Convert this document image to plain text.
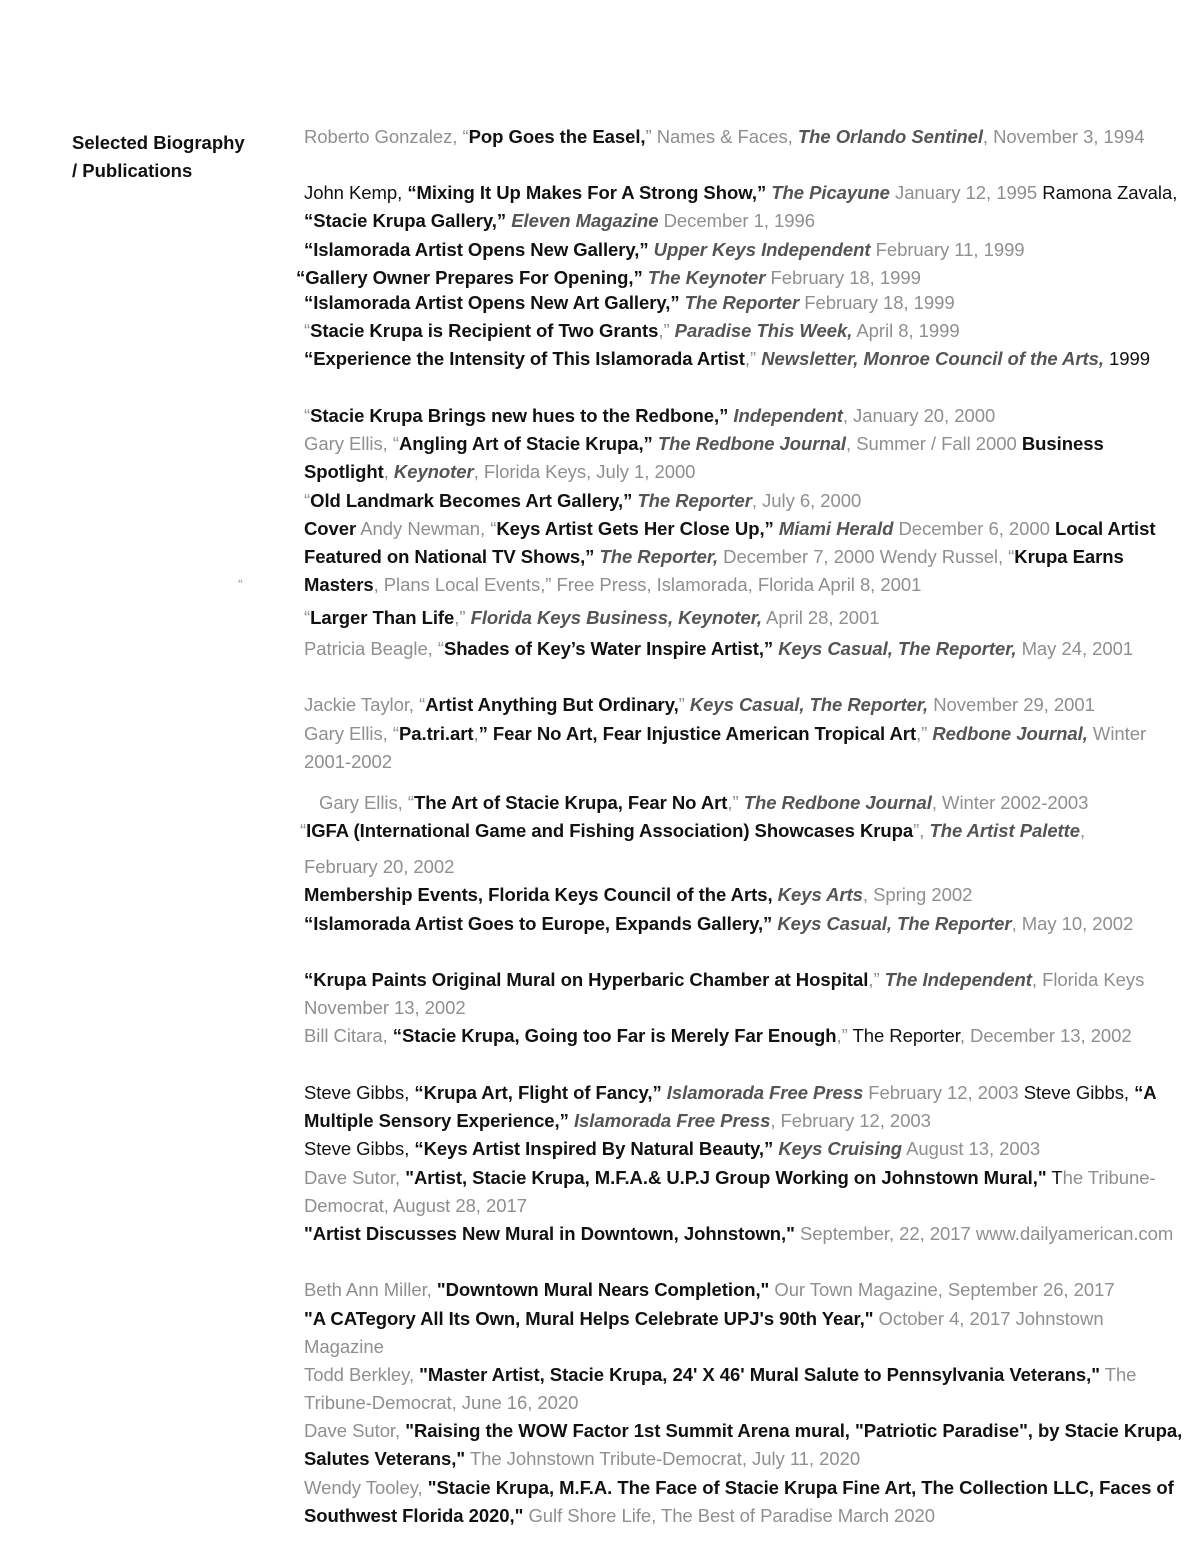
Selected Biography
/ Publications
“
Roberto Gonzalez, “Pop Goes the Easel,” Names & Faces, The Orlando Sentinel, November 3, 1994
John Kemp, “Mixing It Up Makes For A Strong Show,” The Picayune January 12, 1995 Ramona Zavala, “Stacie Krupa Gallery,” Eleven Magazine December 1, 1996
“Islamorada Artist Opens New Gallery,” Upper Keys Independent February 11, 1999
“Gallery Owner Prepares For Opening,” The Keynoter February 18, 1999
“Islamorada Artist Opens New Art Gallery,” The Reporter February 18, 1999
“Stacie Krupa is Recipient of Two Grants,” Paradise This Week, April 8, 1999
“Experience the Intensity of This Islamorada Artist,” Newsletter, Monroe Council of the Arts, 1999
“Stacie Krupa Brings new hues to the Redbone,” Independent, January 20, 2000
Gary Ellis, “Angling Art of Stacie Krupa,” The Redbone Journal, Summer / Fall 2000 Business Spotlight, Keynoter, Florida Keys, July 1, 2000
“Old Landmark Becomes Art Gallery,” The Reporter, July 6, 2000
Cover Andy Newman, “Keys Artist Gets Her Close Up,” Miami Herald December 6, 2000 Local Artist Featured on National TV Shows,” The Reporter, December 7, 2000 Wendy Russel, “Krupa Earns Masters, Plans Local Events,” Free Press, Islamorada, Florida April 8, 2001
“Larger Than Life,” Florida Keys Business, Keynoter, April 28, 2001
Patricia Beagle, “Shades of Key’s Water Inspire Artist,” Keys Casual, The Reporter, May 24, 2001
Jackie Taylor, “Artist Anything But Ordinary,” Keys Casual, The Reporter, November 29, 2001
Gary Ellis, “Pa.tri.art,” Fear No Art, Fear Injustice American Tropical Art,” Redbone Journal, Winter 2001-2002
Gary Ellis, “The Art of Stacie Krupa, Fear No Art,” The Redbone Journal, Winter 2002-2003
“IGFA (International Game and Fishing Association) Showcases Krupa”, The Artist Palette,
February 20, 2002
Membership Events, Florida Keys Council of the Arts, Keys Arts, Spring 2002
“Islamorada Artist Goes to Europe, Expands Gallery,” Keys Casual, The Reporter, May 10, 2002
“Krupa Paints Original Mural on Hyperbaric Chamber at Hospital,” The Independent, Florida Keys November 13, 2002
Bill Citara, “Stacie Krupa, Going too Far is Merely Far Enough,” The Reporter, December 13, 2002
Steve Gibbs, “Krupa Art, Flight of Fancy,” Islamorada Free Press February 12, 2003 Steve Gibbs, “A Multiple Sensory Experience,” Islamorada Free Press, February 12, 2003
Steve Gibbs, “Keys Artist Inspired By Natural Beauty,” Keys Cruising August 13, 2003
Dave Sutor, "Artist, Stacie Krupa, M.F.A.& U.P.J Group Working on Johnstown Mural," The Tribune-Democrat, August 28, 2017
"Artist Discusses New Mural in Downtown, Johnstown," September, 22, 2017 www.dailyamerican.com
Beth Ann Miller, "Downtown Mural Nears Completion," Our Town Magazine, September 26, 2017
"A CATegory All Its Own, Mural Helps Celebrate UPJ's 90th Year," October 4, 2017 Johnstown Magazine
Todd Berkley, "Master Artist, Stacie Krupa, 24' X 46' Mural Salute to Pennsylvania Veterans," The Tribune-Democrat, June 16, 2020
Dave Sutor, "Raising the WOW Factor 1st Summit Arena mural, "Patriotic Paradise", by Stacie Krupa, Salutes Veterans," The Johnstown Tribute-Democrat, July 11, 2020
Wendy Tooley, "Stacie Krupa, M.F.A. The Face of Stacie Krupa Fine Art, The Collection LLC, Faces of Southwest Florida 2020," Gulf Shore Life, The Best of Paradise March 2020
